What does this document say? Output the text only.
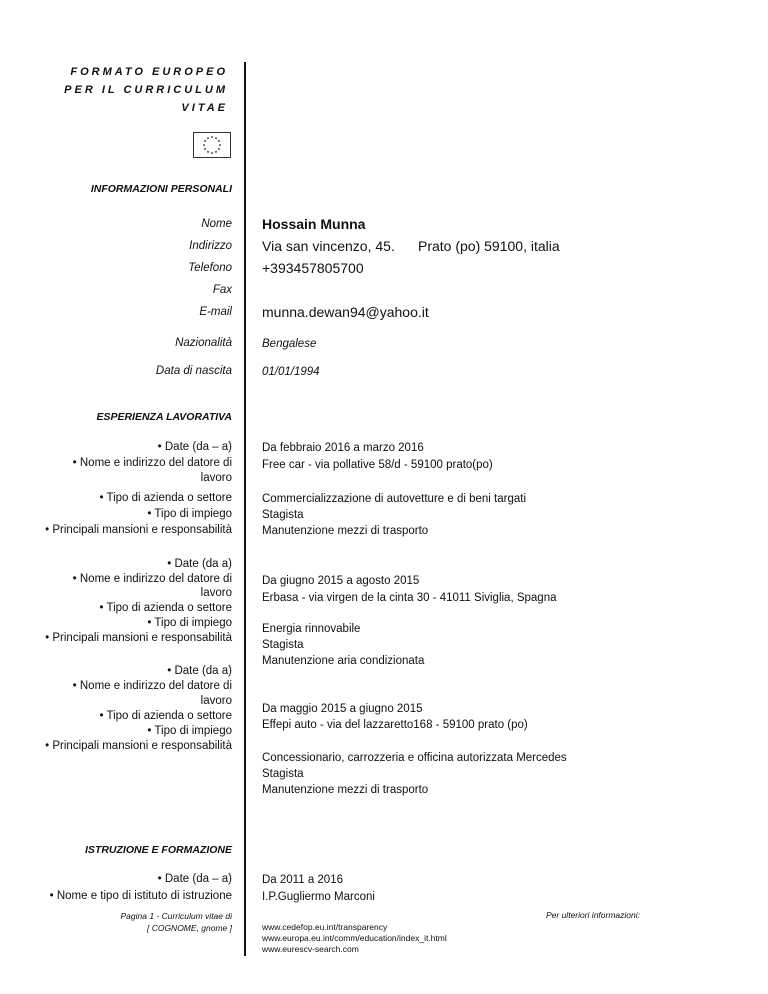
FORMATO EUROPEO
PER IL CURRICULUM
VITAE
INFORMAZIONI PERSONALI
Nome Hossain Munna
Indirizzo Via san vincenzo, 45. Prato (po) 59100, italia
Telefono +393457805700
Fax
E-mail munna.dewan94@yahoo.it
Nazionalità	Bengalese
Data di nascita	01/01/1994
ESPERIENZA LAVORATIVA
• Date (da – a)
• Nome e indirizzo del datore di
lavoro
• Tipo di azienda o settore
• Tipo di impiego
• Principali mansioni e responsabilità
Da febbraio 2016 a marzo 2016
Free car - via pollative 58/d - 59100 prato(po)
Commercializzazione di autovetture e di beni targati
Stagista
Manutenzione mezzi di trasporto
• Date (da a)
• Nome e indirizzo del datore di
lavoro
• Tipo di azienda o settore
• Tipo di impiego
• Principali mansioni e responsabilità
Da giugno 2015 a agosto 2015
Erbasa - via virgen de la cinta 30 - 41011 Siviglia, Spagna
Energia rinnovabile
Stagista
Manutenzione aria condizionata
• Date (da a)
• Nome e indirizzo del datore di
lavoro
• Tipo di azienda o settore
• Tipo di impiego
• Principali mansioni e responsabilità
Da maggio 2015 a giugno 2015
Effepi auto - via del lazzaretto168 - 59100 prato (po)
Concessionario, carrozzeria e officina autorizzata Mercedes
Stagista
Manutenzione mezzi di trasporto
ISTRUZIONE E FORMAZIONE
• Date (da – a)
• Nome e tipo di istituto di istruzione
Da 2011 a 2016
I.P.Gugliermo Marconi
Pagina 1 - Curriculum vitae di
[ COGNOME, gnome ]
Per ulteriori informazioni:
www.cedefop.eu.int/transparency
www.europa.eu.int/comm/education/index_it.html
www.eurescv-search.com
